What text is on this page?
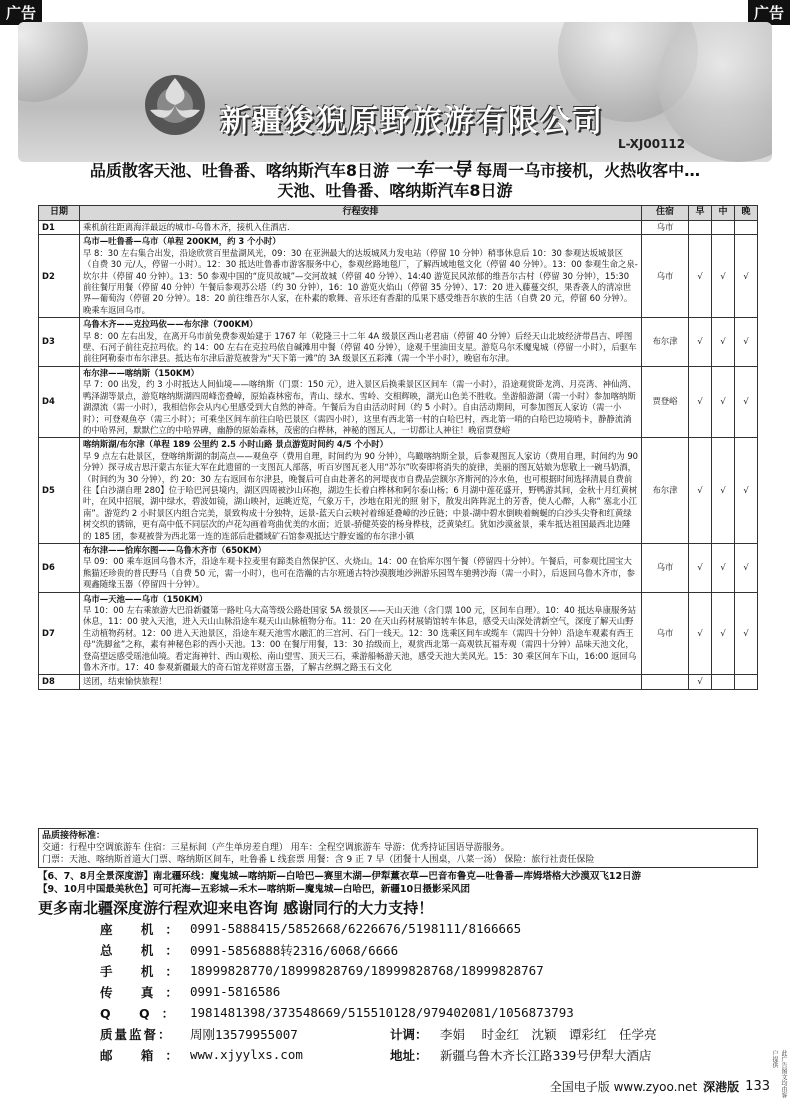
广告	广告
新疆狻猊原野旅游有限公司
L-XJ00112
品质散客天池、吐鲁番、喀纳斯汽车8日游 一车一导 每周一乌市接机，火热收客中…
天池、吐鲁番、喀纳斯汽车8日游
日期	行程安排	住宿	早	中	晚
D1	乘机前往距离海洋最远的城市-乌鲁木齐，接机入住酒店.	乌市			
D2	乌市—吐鲁番—乌市（单程 200KM，约 3 个小时）
早 8：30 左右集合出发，沿途欣赏百里盐湖风光，09：30 在亚洲最大的达坂城风力发电站（停留 10 分钟）稍事休息后 10：30 参观达坂城景区（自费 30 元/人，停留一小时）。12：30 抵达吐鲁番市游客服务中心，参观丝路地毯厂，了解西域地毯文化（停留 40 分钟）。13：00 参观生命之泉-坎尔井（停留 40 分钟）。13：50 参观中国的“庞贝故城”—交河故城（停留 40 分钟）、14:40 游览民风浓郁的维吾尔古村（停留 30 分钟），15:30 前往餐厅用餐（停留 40 分钟）午餐后参观苏公塔（约 30 分钟），16：10 游览火焰山（停留 35 分钟）、17：20 进入藤蔓交织，果香袭人的清凉世界—葡萄沟（停留 20 分钟）。18：20 前往维吾尔人家，在朴素的歌舞、音乐还有香甜的瓜果下感受维吾尔族的生活（自费 20 元，停留 60 分钟）。晚乘车返回乌市。	乌市	√	√	√
D3	乌鲁木齐——克拉玛依——布尔津（700KM）
早 8：00 左右出发，在离开乌市前免费参观始建于 1767 年（乾隆三十二年 4A 级景区西山老君庙（停留 40 分钟）后经天山北坡经济带昌吉、呼图壁、石河子前往克拉玛依。约 14：00 左右在克拉玛依自碱滩用中餐（停留 40 分钟），途观千里油田支星。游览乌尔禾魔鬼城（停留一小时），后驱车前往阿勒泰市布尔津县。抵达布尔津后游览被誉为“天下第一滩”的 3A 级景区五彩滩（需一个半小时），晚宿布尔津。	布尔津	√	√	√
D4	布尔津——喀纳斯（150KM）
早 7：00 出发，约 3 小时抵达人间仙境——喀纳斯（门票：150 元），进入景区后换乘景区区间车（需一小时），沿途观赏卧龙湾、月亮湾、神仙湾、鸭泽湖等景点，游览喀纳斯湖四周峰峦叠嶂，原始森林密布，青山、绿水、雪岭、交相辉映，湖光山色美不胜收。坐游船游湖（需一小时）参加喀纳斯湖漂流（需一小时），我相信你会从内心里感受到大自然的神奇。午餐后为自由活动时间（约 5 小时）。自由活动期间，可参加图瓦人家访（需一小时）；可登观鱼亭（需三小时）；可乘坐区间车前往白哈巴景区（需四小时），这里有西北第一村的白哈巴村，西北第一哨的白哈巴边境哨卡，静静流淌的中哈界河，默默伫立的中哈界碑，幽静的原始森林，茂密的白桦林，神秘的图瓦人，一切都让人神往！晚宿贾登峪	贾登峪	√	√	√
D5	喀纳斯湖/布尔津（单程 189 公里约 2.5 小时山路 景点游览时间约 4/5 个小时）
早 9 点左右赴景区，登喀纳斯湖的制高点——观鱼亭（费用自理，时间约为 90 分钟），鸟瞰喀纳斯全景，后参观图瓦人家访（费用自理，时间约为 90 分钟）探寻成吉思汗蒙古东征大军在此遗留的一支图瓦人部落，听百岁图瓦老人用“苏尔”吹奏即将消失的旋律，美丽的图瓦姑娘为您敬上一碗马奶酒，（时间约为 30 分钟），约 20：30 左右返回布尔津县，晚餐后可自由赴著名的河堤夜市自费品尝额尔齐斯河的冷水鱼，也可根据时间选择清晨自费前往【白沙湖自理 280】位于哈巴河县境内，湖区四周被沙山环抱，湖边生长着白桦林和阿尔泰山杨；6 月湖中莲花盛开，野鸭游其间，金秋十月红黄树叶，在风中招展，湖中绿水，碧波如镜，湖山映衬，远眺近览，气象万千，沙地在阳光的照 射下，散发出阵阵泥土的芳香，使人心醉，人称“ 塞北小江南”。游览约 2 小时景区内组合完美，景致构成十分独特，远景-蓝天白云映衬着绵延叠嶂的沙丘链；中景-湖中碧水倒映着蜿蜒的白沙头尖脊和红黄绿树交织的锈锦，更有高中低不同层次的卢花勾画着弯曲优美的水面；近景-骄健英姿的杨身桦枝，泛黄染红。犹如沙漠盆景，乘车抵达祖国最西北边陲的 185 团，参观被誉为西北第一连的连部后赴疆域矿石馆参观抵达宁静安谧的布尔津小镇	布尔津	√	√	√
D6	布尔津——恰库尔图——乌鲁木齐市（650KM）
早 09：00 乘车返回乌鲁木齐，沿途车观卡拉麦里有蹄类自然保护区、火烧山。14：00 在恰库尔图午餐（停留四十分钟）。午餐后，可参观比国宝大熊猫还珍贵的普氏野马（自费 50 元，需一小时），也可在浩瀚的古尔班通古特沙漠腹地沙洲游乐园驾车驰骋沙海（需一小时），后返回乌鲁木齐市，参观鑫随缘玉器（停留四十分钟）。	乌市	√	√	√
D7	乌市—天池——乌市（150KM）
早 10：00 左右乘旅游大巴沿新疆第一路吐乌大高等级公路赴国家 5A 级景区——天山天池（含门票 100 元，区间车自理）。10：40 抵达阜康服务站休息，11：00 驶入天池，进入天山山脉沿途车观天山山脉植物分布。11：20 在天山药材展销馆转车体息，感受天山深处清新空气，深度了解天山野生动植物药材。12：00 进入天池景区，沿途车观天池雪水融汇的三宫河、石门一线天。12：30 选乘区间车或缆车（需四十分钟）沿途车观素有西王母“洗脚盆”之称，素有神秘色彩的西小天池。13：00 在餐厅用餐，13：30 抬级而上，观赏西北第一高观铁瓦福寿观（需四十分钟）品味天池文化，登高望远感受瑶池仙境。看定海神针、西山观松、南山望雪、顶天三石，乘游船畅游天池，感受天池大美风光。15：30 乘区间车下山，16:00 返回乌鲁木齐市。17：40 参观新疆最大的奇石馆龙祥财富玉器，了解古丝绸之路玉石文化	乌市	√	√	√
D8	送团，结束愉快旅程！		√		
品质接待标准：
交通：行程中空调旅游车 住宿：三星标间（产生单房差自理） 用车：全程空调旅游车 导游：优秀持证国语导游服务。
门票：天池、喀纳斯首道大门票、喀纳斯区间车，吐鲁番 L 线套票 用餐：含 9 正 7 早（团餐十人围桌，八菜一汤） 保险：旅行社责任保险
【6、7、8月全景深度游】南北疆环线：魔鬼城—喀纳斯—白哈巴—赛里木湖—伊犁薰衣草—巴音布鲁克—吐鲁番—库姆塔格大沙漠双飞12日游
【9、10月中国最美秋色】可可托海—五彩城—禾木—喀纳斯—魔鬼城—白哈巴，新疆10日摄影采风团
更多南北疆深度游行程欢迎来电咨询 感谢同行的大力支持！
座 机： 0991-5888415/5852668/6226676/5198111/8166665
总 机： 0991-5856888转2316/6068/6666
手 机： 18999828770/18999828769/18999828768/18999828767
传 真： 0991-5816586
Q Q： 1981481398/373548669/515510128/979402081/1056873793
质量监督：	周刚13579955007	计调： 李娟 　时金红　沈颖　谭彩红　任学亮
邮 箱： www.xjyylxs.com	地址： 新疆乌鲁木齐长江路339号伊犁大酒店
全国电子版 www.zyoo.net 深港版 133	此广告图文均由客户提供
